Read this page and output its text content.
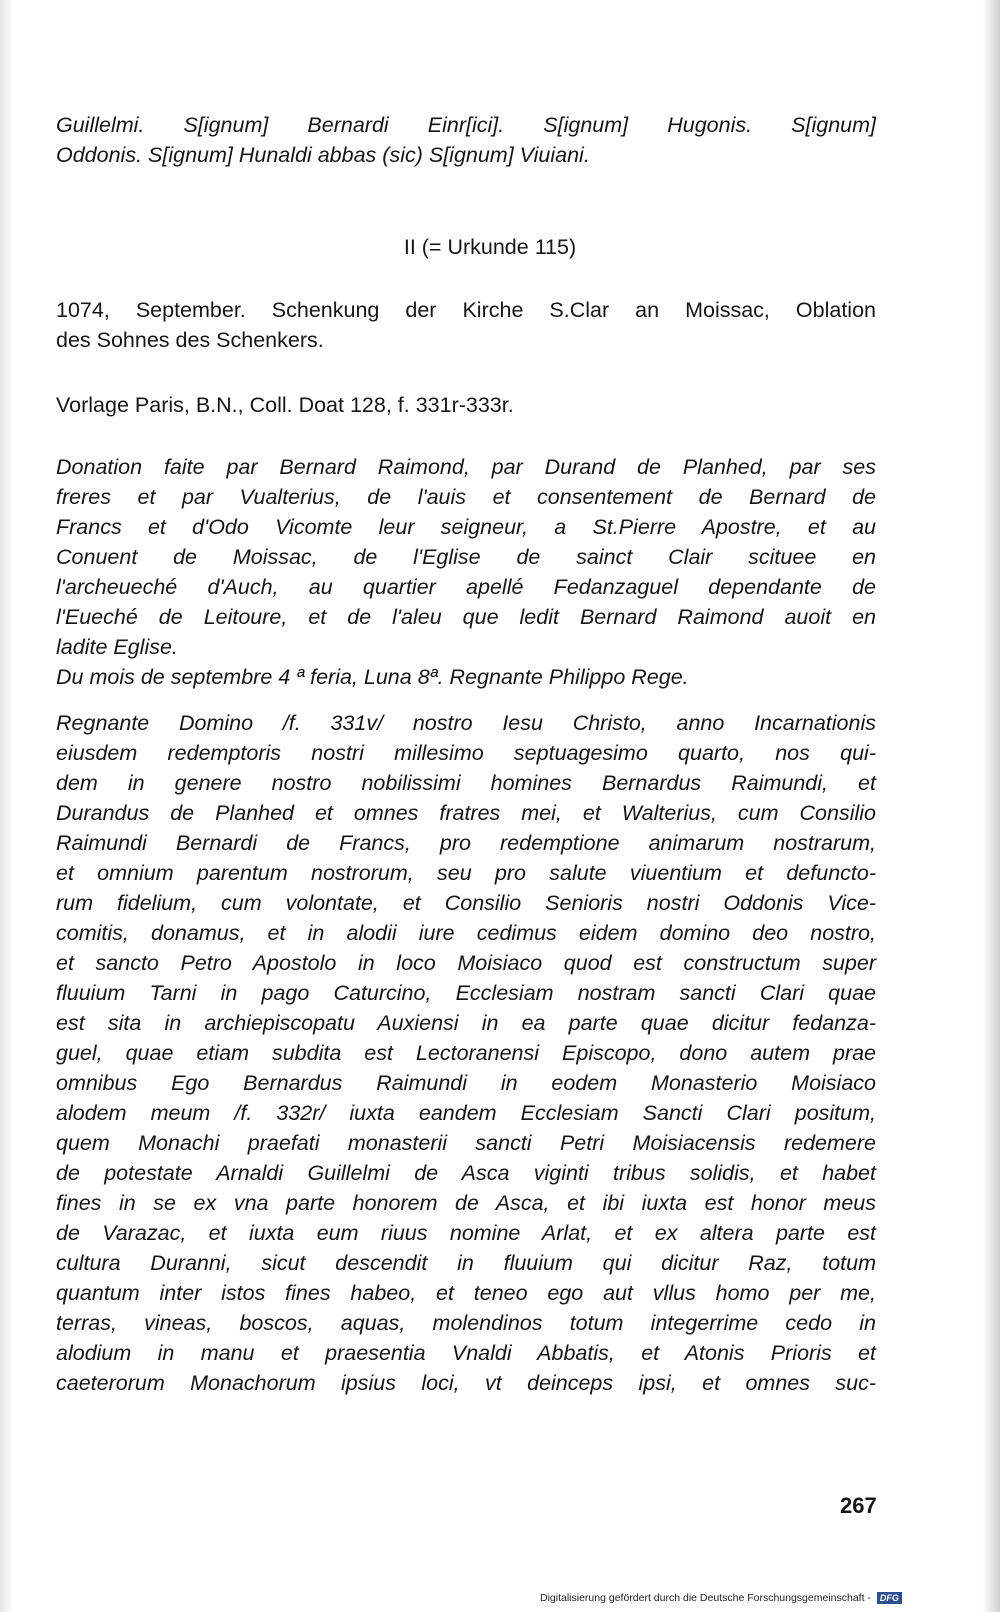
Guillelmi. S[ignum] Bernardi Einr[ici]. S[ignum] Hugonis. S[ignum]
Oddonis. S[ignum] Hunaldi abbas (sic) S[ignum] Viuiani.
II (= Urkunde 115)
1074, September. Schenkung der Kirche S.Clar an Moissac, Oblation
des Sohnes des Schenkers.
Vorlage Paris, B.N., Coll. Doat 128, f. 331r-333r.
Donation faite par Bernard Raimond, par Durand de Planhed, par ses
freres et par Vualterius, de l'auis et consentement de Bernard de
Francs et d'Odo Vicomte leur seigneur, a St.Pierre Apostre, et au
Conuent de Moissac, de l'Eglise de sainct Clair scituee en
l'archeueché d'Auch, au quartier apellé Fedanzaguel dependante de
l'Eueché de Leitoure, et de l'aleu que ledit Bernard Raimond auoit en
ladite Eglise.
Du mois de septembre 4 ª feria, Luna 8ª. Regnante Philippo Rege.
Regnante Domino /f. 331v/ nostro Iesu Christo, anno Incarnationis
eiusdem redemptoris nostri millesimo septuagesimo quarto, nos qui-
dem in genere nostro nobilissimi homines Bernardus Raimundi, et
Durandus de Planhed et omnes fratres mei, et Walterius, cum Consilio
Raimundi Bernardi de Francs, pro redemptione animarum nostrarum,
et omnium parentum nostrorum, seu pro salute viuentium et defuncto-
rum fidelium, cum volontate, et Consilio Senioris nostri Oddonis Vice-
comitis, donamus, et in alodii iure cedimus eidem domino deo nostro,
et sancto Petro Apostolo in loco Moisiaco quod est constructum super
fluuium Tarni in pago Caturcino, Ecclesiam nostram sancti Clari quae
est sita in archiepiscopatu Auxiensi in ea parte quae dicitur fedanza-
guel, quae etiam subdita est Lectoranensi Episcopo, dono autem prae
omnibus Ego Bernardus Raimundi in eodem Monasterio Moisiaco
alodem meum /f. 332r/ iuxta eandem Ecclesiam Sancti Clari positum,
quem Monachi praefati monasterii sancti Petri Moisiacensis redemere
de potestate Arnaldi Guillelmi de Asca viginti tribus solidis, et habet
fines in se ex vna parte honorem de Asca, et ibi iuxta est honor meus
de Varazac, et iuxta eum riuus nomine Arlat, et ex altera parte est
cultura Duranni, sicut descendit in fluuium qui dicitur Raz, totum
quantum inter istos fines habeo, et teneo ego aut vllus homo per me,
terras, vineas, boscos, aquas, molendinos totum integerrime cedo in
alodium in manu et praesentia Vnaldi Abbatis, et Atonis Prioris et
caeterorum Monachorum ipsius loci, vt deinceps ipsi, et omnes suc-
267
Digitalisierung gefördert durch die Deutsche Forschungsgemeinschaft - DFG
